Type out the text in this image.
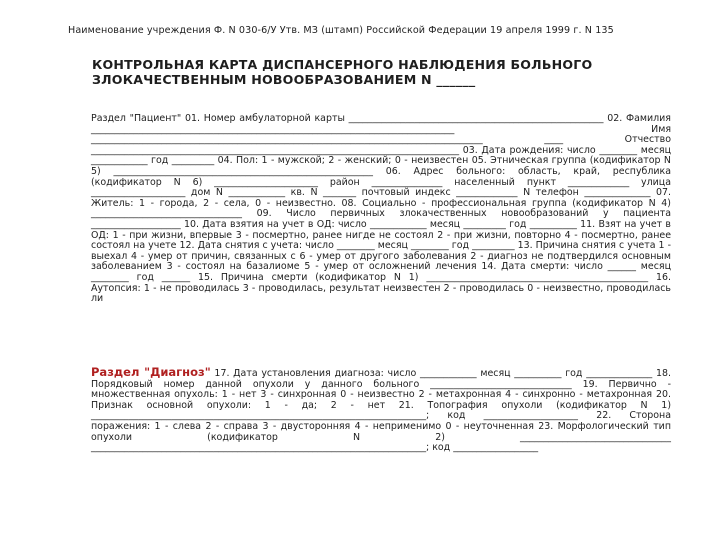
Наименование учреждения Ф. N 030-6/У Утв. МЗ (штамп) Российской Федерации 19 апреля 1999 г. N 135
КОНТРОЛЬНАЯ КАРТА ДИСПАНСЕРНОГО НАБЛЮДЕНИЯ БОЛЬНОГО ЗЛОКАЧЕСТВЕННЫМ НОВООБРАЗОВАНИЕМ N ______
Раздел "Пациент" 01. Номер амбулаторной карты ______________________________________________________ 02. Фамилия _____________________________________________________________________________ Имя ___________________________________________________________________________________ ____ Отчество ______________________________________________________________________________ 03. Дата рождения: число ________ месяц ____________ год _________ 04. Пол: 1 - мужской; 2 - женский; 0 - неизвестен 05. Этническая группа (кодификатор N 5) _______________________________________________________ 06. Адрес больного: область, край, республика (кодификатор N 6) ______________________ район _______________ населенный пункт _____________ улица ____________________ дом N ____________ кв. N _______ почтовый индекс _____________ N телефон ______________ 07. Житель: 1 - города, 2 - села, 0 - неизвестно. 08. Социально - профессиональная группа (кодификатор N 4) ________________________________ 09. Число первичных злокачественных новообразований у пациента ___________________ 10. Дата взятия на учет в ОД: число ____________ месяц _________ год __________ 11. Взят на учет в ОД: 1 - при жизни, впервые 3 - посмертно, ранее нигде не состоял 2 - при жизни, повторно 4 - посмертно, ранее состоял на учете 12. Дата снятия с учета: число ________ месяц ________ год _________ 13. Причина снятия с учета 1 - выехал 4 - умер от причин, связанных с 6 - умер от другого заболевания 2 - диагноз не подтвердился основным заболеванием 3 - состоял на базалиоме 5 - умер от осложнений лечения 14. Дата смерти: число ______ месяц ________ год ______ 15. Причина смерти (кодификатор N 1) _______________________________________________ 16. Аутопсия: 1 - не проводилась 3 - проводилась, результат неизвестен 2 - проводилась 0 - неизвестно, проводилась ли
Раздел "Диагноз" 17. Дата установления диагноза: число ____________ месяц __________ год ______________ 18. Порядковый номер данной опухоли у данного больного ______________________________ 19. Первично - множественная опухоль: 1 - нет 3 - синхронная 0 - неизвестно 2 - метахронная 4 - синхронно - метахронная 20. Признак основной опухоли: 1 - да; 2 - нет 21. Топография опухоли (кодификатор N 1) _______________________________________________________________________; код ____________________ 22. Сторона поражения: 1 - слева 2 - справа 3 - двусторонняя 4 - неприменимо 0 - неуточненная 23. Морфологический тип опухоли (кодификатор N 2) ________________________________ _______________________________________________________________________; код __________________
